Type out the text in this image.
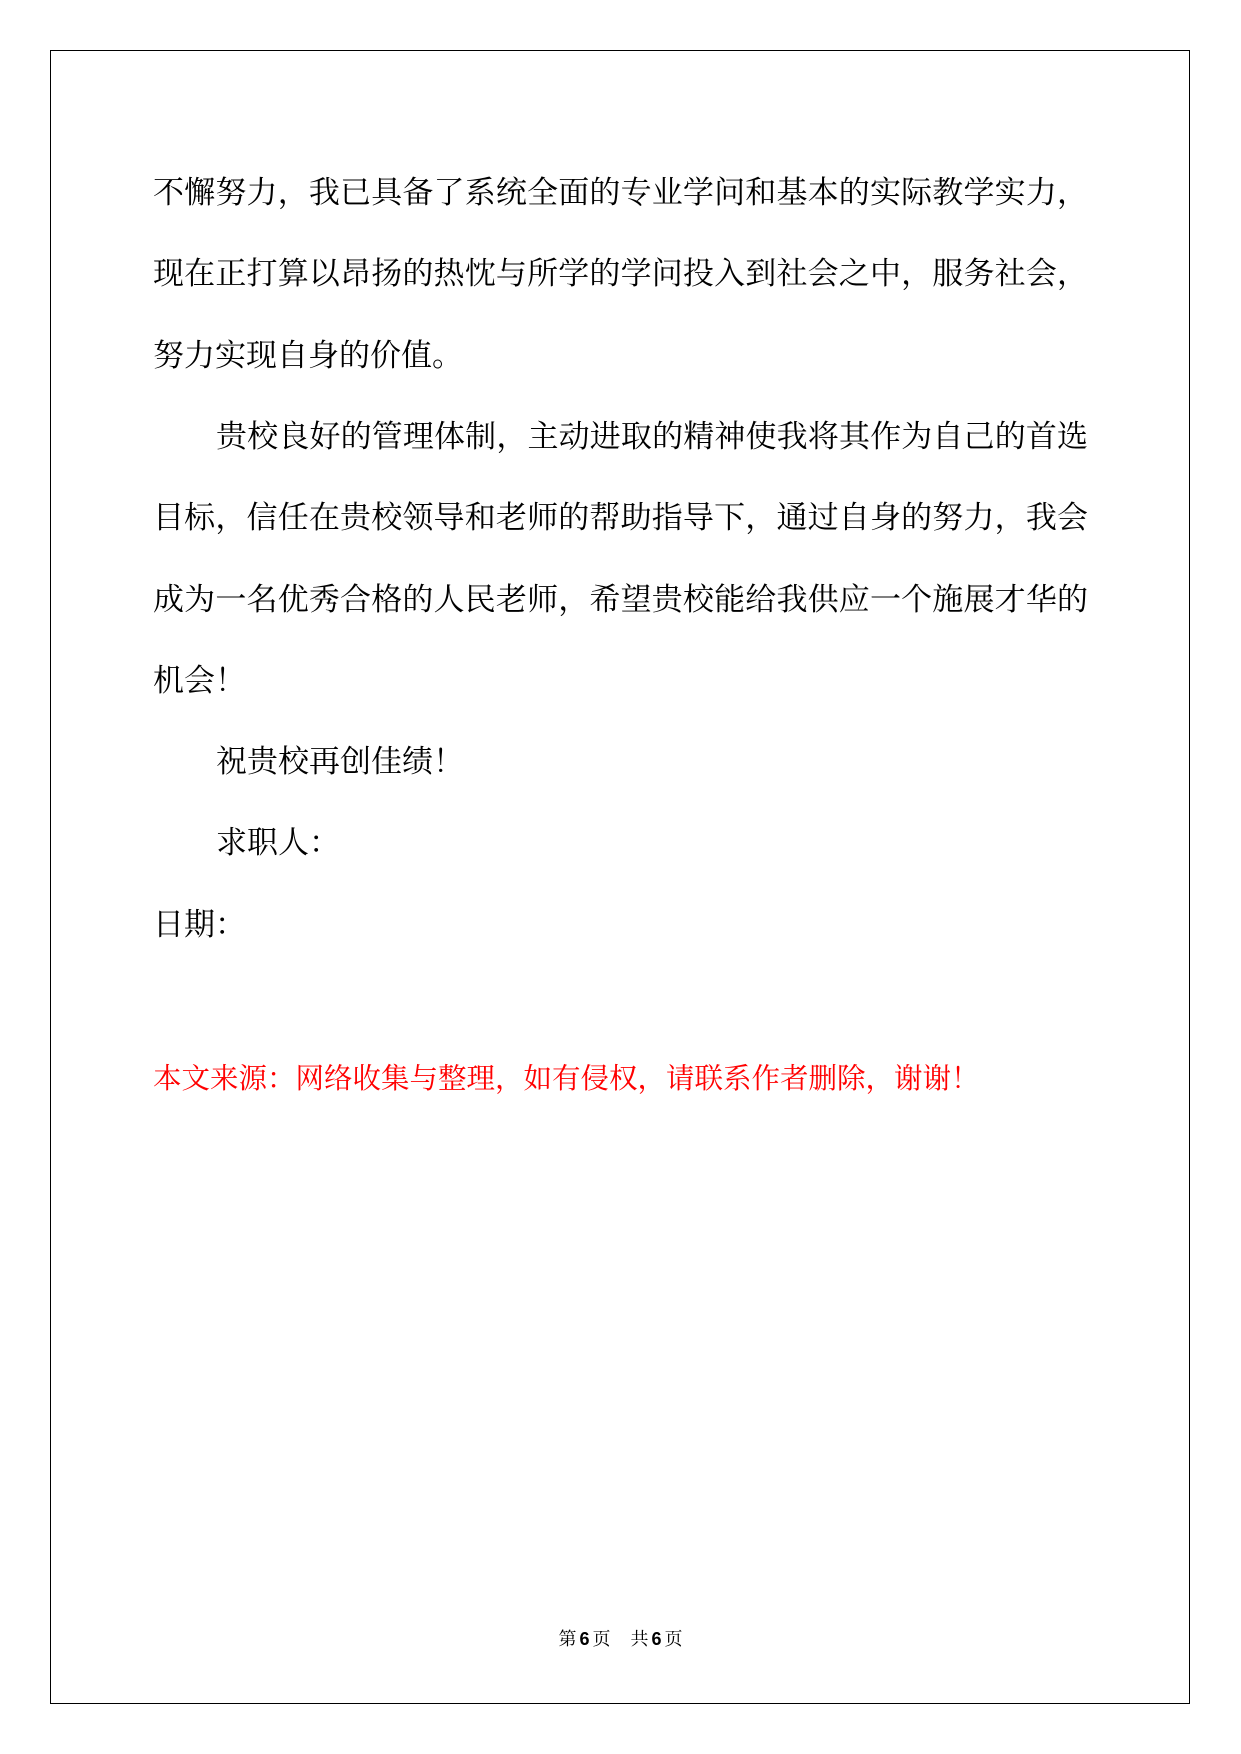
不懈努力，我已具备了系统全面的专业学问和基本的实际教学实力，
现在正打算以昂扬的热忱与所学的学问投入到社会之中，服务社会，
努力实现自身的价值。
贵校良好的管理体制，主动进取的精神使我将其作为自己的首选
目标，信任在贵校领导和老师的帮助指导下，通过自身的努力，我会
成为一名优秀合格的人民老师，希望贵校能给我供应一个施展才华的
机会！
祝贵校再创佳绩！
求职人：
日期：
本文来源：网络收集与整理，如有侵权，请联系作者删除，谢谢！
第 6 页 共 6 页
